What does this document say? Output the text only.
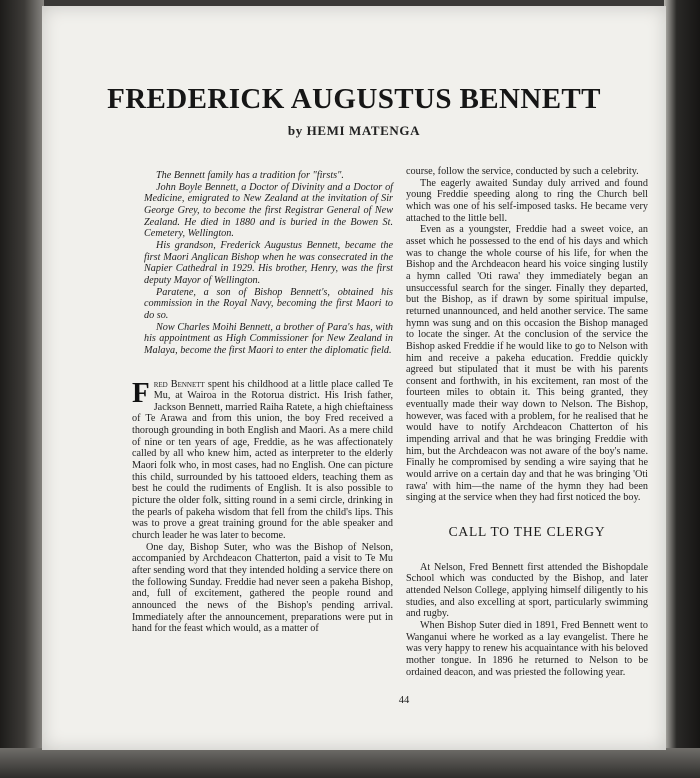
FREDERICK AUGUSTUS BENNETT
by HEMI MATENGA

The Bennett family has a tradition for "firsts".

John Boyle Bennett, a Doctor of Divinity and a Doctor of Medicine, emigrated to New Zealand at the invitation of Sir George Grey, to become the first Registrar General of New Zealand. He died in 1880 and is buried in the Bowen St. Cemetery, Wellington.

His grandson, Frederick Augustus Bennett, became the first Maori Anglican Bishop when he was consecrated in the Napier Cathedral in 1929. His brother, Henry, was the first deputy Mayor of Wellington.

Paratene, a son of Bishop Bennett's, obtained his commission in the Royal Navy, becoming the first Maori to do so.

Now Charles Moihi Bennett, a brother of Para's has, with his appointment as High Commissioner for New Zealand in Malaya, become the first Maori to enter the diplomatic field.

Fred Bennett spent his childhood at a little place called Te Mu, at Wairoa in the Rotorua district. His Irish father, Jackson Bennett, married Raiha Ratete, a high chieftainess of Te Arawa and from this union, the boy Fred received a thorough grounding in both English and Maori. As a mere child of nine or ten years of age, Freddie, as he was affectionately called by all who knew him, acted as interpreter to the elderly Maori folk who, in most cases, had no English. One can picture this child, surrounded by his tattooed elders, teaching them as best he could the rudiments of English. It is also possible to picture the older folk, sitting round in a semi circle, drinking in the pearls of pakeha wisdom that fell from the child's lips. This was to prove a great training ground for the able speaker and church leader he was later to become.

One day, Bishop Suter, who was the Bishop of Nelson, accompanied by Archdeacon Chatterton, paid a visit to Te Mu after sending word that they intended holding a service there on the following Sunday. Freddie had never seen a pakeha Bishop, and, full of excitement, gathered the people round and announced the news of the Bishop's pending arrival. Immediately after the announcement, preparations were put in hand for the feast which would, as a matter of

course, follow the service, conducted by such a celebrity.

The eagerly awaited Sunday duly arrived and found young Freddie speeding along to ring the Church bell which was one of his self-imposed tasks. He became very attached to the little bell.

Even as a youngster, Freddie had a sweet voice, an asset which he possessed to the end of his days and which was to change the whole course of his life, for when the Bishop and the Archdeacon heard his voice singing lustily a hymn called 'Oti rawa' they immediately began an unsuccessful search for the singer. Finally they departed, but the Bishop, as if drawn by some spiritual impulse, returned unannounced, and held another service. The same hymn was sung and on this occasion the Bishop managed to locate the singer. At the conclusion of the service the Bishop asked Freddie if he would like to go to Nelson with him and receive a pakeha education. Freddie quickly agreed but stipulated that it must be with his parents consent and forthwith, in his excitement, ran most of the fourteen miles to obtain it. This being granted, they eventually made their way down to Nelson. The Bishop, however, was faced with a problem, for he realised that he would have to notify Archdeacon Chatterton of his impending arrival and that he was bringing Freddie with him, but the Archdeacon was not aware of the boy's name. Finally he compromised by sending a wire saying that he would arrive on a certain day and that he was bringing 'Oti rawa' with him—the name of the hymn they had been singing at the service when they had first noticed the boy.

CALL TO THE CLERGY

At Nelson, Fred Bennett first attended the Bishopdale School which was conducted by the Bishop, and later attended Nelson College, applying himself diligently to his studies, and also excelling at sport, particularly swimming and rugby.

When Bishop Suter died in 1891, Fred Bennett went to Wanganui where he worked as a lay evangelist. There he was very happy to renew his acquaintance with his beloved mother tongue. In 1896 he returned to Nelson to be ordained deacon, and was priested the following year.

44
